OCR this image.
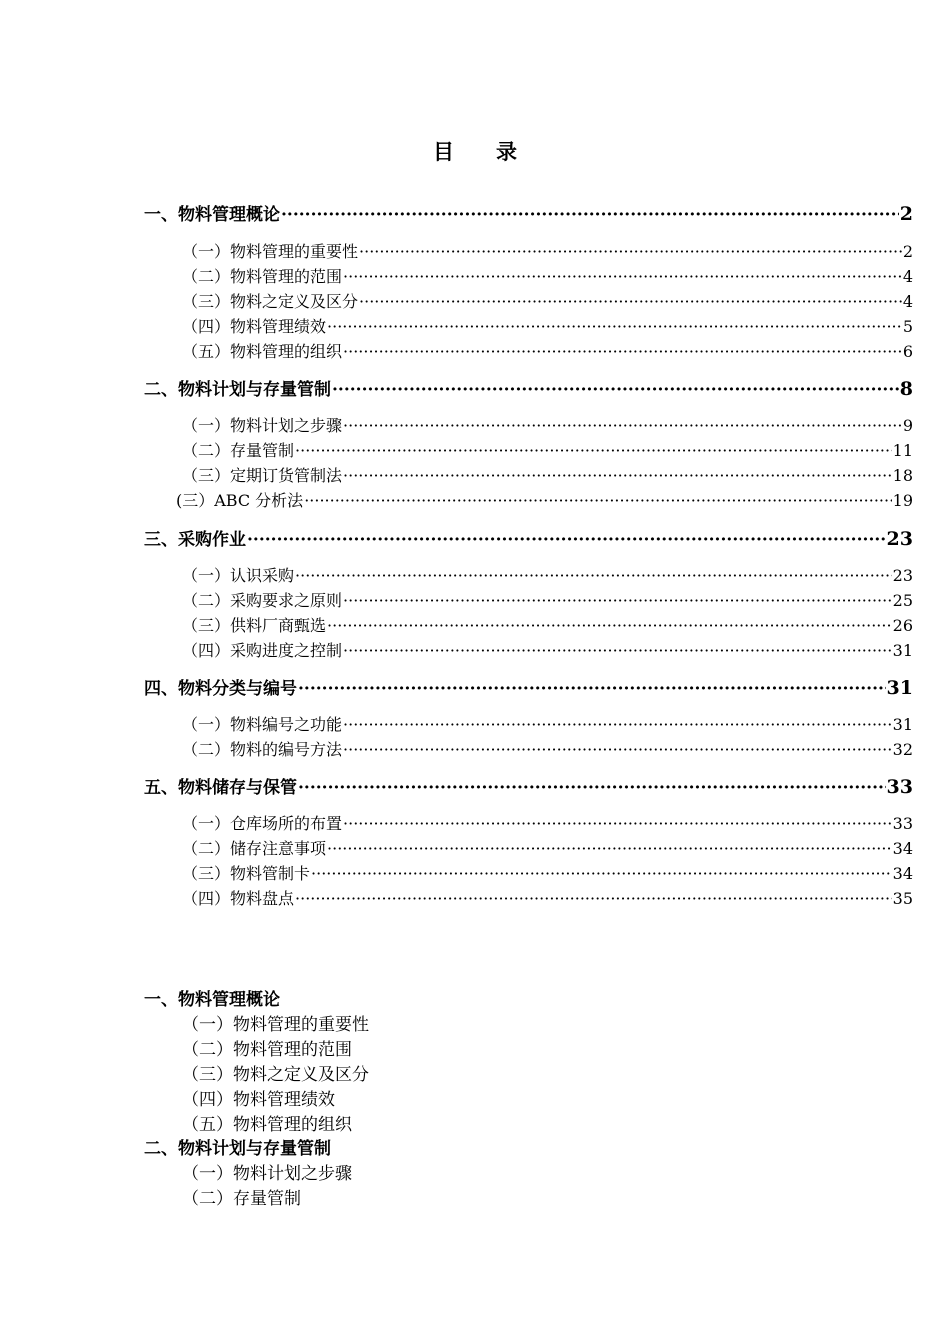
目　　录
一、物料管理概论 ·····	2
（一）物料管理的重要性 ·····	2
（二）物料管理的范围 ·····	4
（三）物料之定义及区分 ·····	4
（四）物料管理绩效 ·····	5
（五）物料管理的组织 ·····	6
二、物料计划与存量管制 ·····	8
（一）物料计划之步骤 ·····	9
（二）存量管制 ·····	11
（三）定期订货管制法 ·····	18
(三）ABC 分析法 ·····	19
三、采购作业 ·····	23
（一）认识采购 ·····	23
（二）采购要求之原则 ·····	25
（三）供料厂商甄选 ·····	26
（四）采购进度之控制 ·····	31
四、物料分类与编号 ·····	31
（一）物料编号之功能 ·····	31
（二）物料的编号方法 ·····	32
五、物料储存与保管 ·····	33
（一）仓库场所的布置 ·····	33
（二）储存注意事项 ·····	34
（三）物料管制卡 ·····	34
（四）物料盘点 ·····	35
一、物料管理概论
（一）物料管理的重要性
（二）物料管理的范围
（三）物料之定义及区分
（四）物料管理绩效
（五）物料管理的组织
二、物料计划与存量管制
（一）物料计划之步骤
（二）存量管制
